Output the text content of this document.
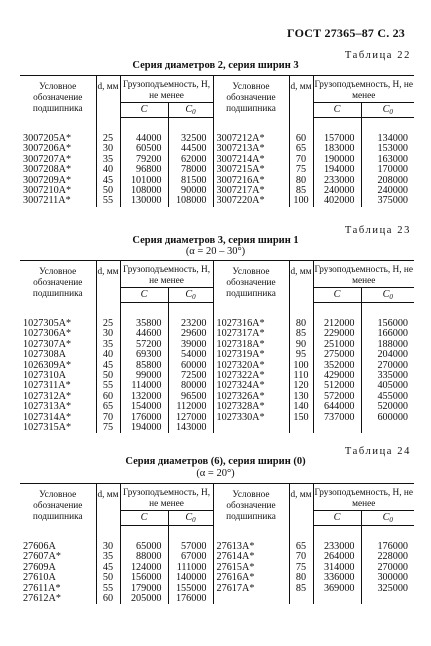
ГОСТ 27365–87 С. 23
Таблица 22
Серия диаметров 2, серия ширин 3
Условное обозначение подшипника	d, мм	Грузоподъемность, Н, не менее		Условное обозначение подшипника	d, мм	Грузоподъемность, Н, не менее	
		C	C0			C	C0

3007205А*	25	44000	32500	3007212А*	60	157000	134000
3007206А*	30	60500	44500	3007213А*	65	183000	153000
3007207А*	35	79200	62000	3007214А*	70	190000	163000
3007208А*	40	96800	78000	3007215А*	75	194000	170000
3007209А*	45	101000	81500	3007216А*	80	233000	208000
3007210А*	50	108000	90000	3007217А*	85	240000	240000
3007211А*	55	130000	108000	3007220А*	100	402000	375000
Таблица 23
Серия диаметров 3, серия ширин 1
(α = 20 – 30°)
Условное обозначение подшипника	d, мм	Грузоподъемность, Н, не менее		Условное обозначение подшипника	d, мм	Грузоподъемность, Н, не менее	
		C	C0			C	C0

1027305А*	25	35800	23200	1027316А*	80	212000	156000
1027306А*	30	44600	29600	1027317А*	85	229000	166000
1027307А*	35	57200	39000	1027318А*	90	251000	188000
1027308А	40	69300	54000	1027319А*	95	275000	204000
1026309А*	45	85800	60000	1027320А*	100	352000	270000
1027310А	50	99000	72500	1027322А*	110	429000	335000
1027311А*	55	114000	80000	1027324А*	120	512000	405000
1027312А*	60	132000	96500	1027326А*	130	572000	455000
1027313А*	65	154000	112000	1027328А*	140	644000	520000
1027314А*	70	176000	127000	1027330А*	150	737000	600000
1027315А*	75	194000	143000				
Таблица 24
Серия диаметров (6), серия ширин (0)
(α = 20°)
Условное обозначение подшипника	d, мм	Грузоподъемность, Н, не менее		Условное обозначение подшипника	d, мм	Грузоподъемность, Н, не менее	
		C	C0			C	C0

27606А	30	65000	57000	27613А*	65	233000	176000
27607А*	35	88000	67000	27614А*	70	264000	228000
27609А	45	124000	111000	27615А*	75	314000	270000
27610А	50	156000	140000	27616А*	80	336000	300000
27611А*	55	179000	155000	27617А*	85	369000	325000
27612А*	60	205000	176000				
